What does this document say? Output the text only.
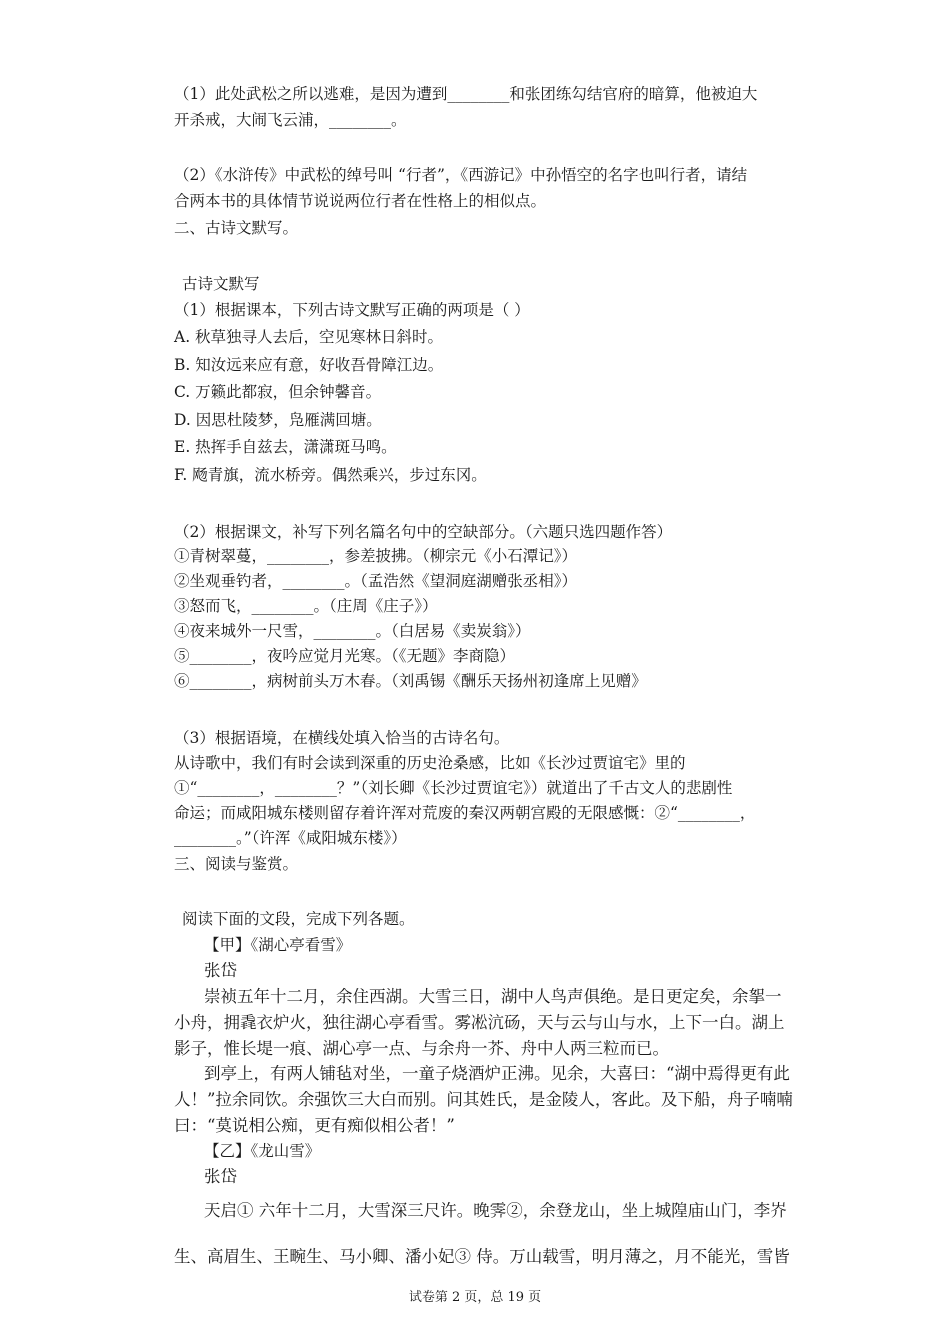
（1）此处武松之所以逃难，是因为遭到________和张团练勾结官府的暗算，他被迫大
开杀戒，大闹飞云浦，________。
（2）《水浒传》中武松的绰号叫 “行者”，《西游记》中孙悟空的名字也叫行者，请结
合两本书的具体情节说说两位行者在性格上的相似点。
二、古诗文默写。
古诗文默写
（1）根据课本，下列古诗文默写正确的两项是（ ）
A. 秋草独寻人去后，空见寒林日斜时。
B. 知汝远来应有意，好收吾骨障江边。
C. 万籁此都寂，但余钟馨音。
D. 因思杜陵梦，凫雁满回塘。
E. 热挥手自兹去，潇潇斑马鸣。
F. 飏青旗，流水桥旁。偶然乘兴，步过东冈。
（2）根据课文，补写下列名篇名句中的空缺部分。（六题只选四题作答）
①青树翠蔓，________，参差披拂。（柳宗元《小石潭记》）
②坐观垂钓者，________。（孟浩然《望洞庭湖赠张丞相》）
③怒而飞，________。（庄周《庄子》）
④夜来城外一尺雪，________。（白居易《卖炭翁》）
⑤________，夜吟应觉月光寒。（《无题》李商隐）
⑥________，病树前头万木春。（刘禹锡《酬乐天扬州初逢席上见赠》
（3）根据语境，在横线处填入恰当的古诗名句。
从诗歌中，我们有时会读到深重的历史沧桑感，比如《长沙过贾谊宅》里的
①“________，________？”（刘长卿《长沙过贾谊宅》）就道出了千古文人的悲剧性
命运；而咸阳城东楼则留存着许浑对荒废的秦汉两朝宫殿的无限感慨：②“________，
________。”（许浑《咸阳城东楼》）
三、阅读与鉴赏。
阅读下面的文段，完成下列各题。
【甲】《湖心亭看雪》
张岱
崇祯五年十二月，余住西湖。大雪三日，湖中人鸟声俱绝。是日更定矣，余挐一
小舟，拥毳衣炉火，独往湖心亭看雪。雾凇沆砀，天与云与山与水，上下一白。湖上
影子，惟长堤一痕、湖心亭一点、与余舟一芥、舟中人两三粒而已。
到亭上，有两人铺毡对坐，一童子烧酒炉正沸。见余，大喜曰：“湖中焉得更有此
人！”拉余同饮。余强饮三大白而别。问其姓氏，是金陵人，客此。及下船，舟子喃喃
曰：“莫说相公痴，更有痴似相公者！”
【乙】《龙山雪》
张岱
天启① 六年十二月，大雪深三尺许。晚霁②，余登龙山，坐上城隍庙山门，李岕
生、高眉生、王畹生、马小卿、潘小妃③ 侍。万山载雪，明月薄之，月不能光，雪皆
试卷第 2 页，总 19 页
